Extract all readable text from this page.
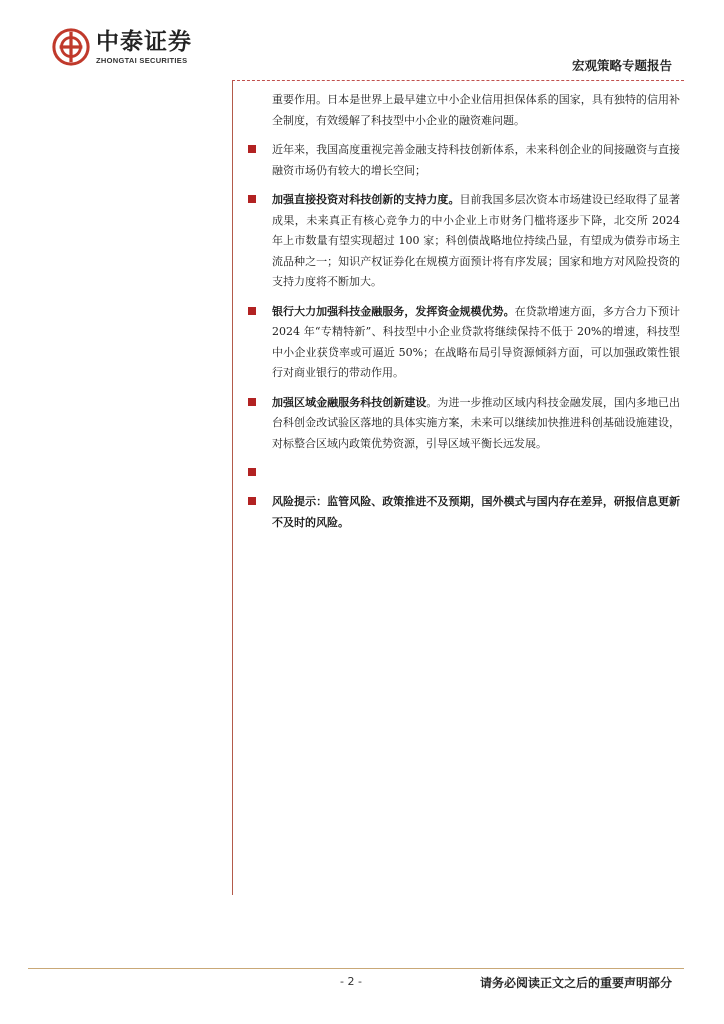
中泰证券
ZHONGTAI SECURITIES	宏观策略专题报告

重要作用。日本是世界上最早建立中小企业信用担保体系的国家，具有独特的信用补全制度，有效缓解了科技型中小企业的融资难问题。

近年来，我国高度重视完善金融支持科技创新体系，未来科创企业的间接融资与直接融资市场仍有较大的增长空间；
加强直接投资对科技创新的支持力度。目前我国多层次资本市场建设已经取得了显著成果，未来真正有核心竞争力的中小企业上市财务门槛将逐步下降，北交所 2024 年上市数量有望实现超过 100 家；科创债战略地位持续凸显，有望成为债券市场主流品种之一；知识产权证券化在规模方面预计将有序发展；国家和地方对风险投资的支持力度将不断加大。
银行大力加强科技金融服务，发挥资金规模优势。在贷款增速方面，多方合力下预计 2024 年“专精特新”、科技型中小企业贷款将继续保持不低于 20%的增速，科技型中小企业获贷率或可逼近 50%；在战略布局引导资源倾斜方面，可以加强政策性银行对商业银行的带动作用。
加强区域金融服务科技创新建设。为进一步推动区域内科技金融发展，国内多地已出台科创金改试验区落地的具体实施方案，未来可以继续加快推进科创基础设施建设，对标整合区域内政策优势资源，引导区域平衡长远发展。
风险提示：监管风险、政策推进不及预期，国外模式与国内存在差异，研报信息更新不及时的风险。
- 2 -	请务必阅读正文之后的重要声明部分
